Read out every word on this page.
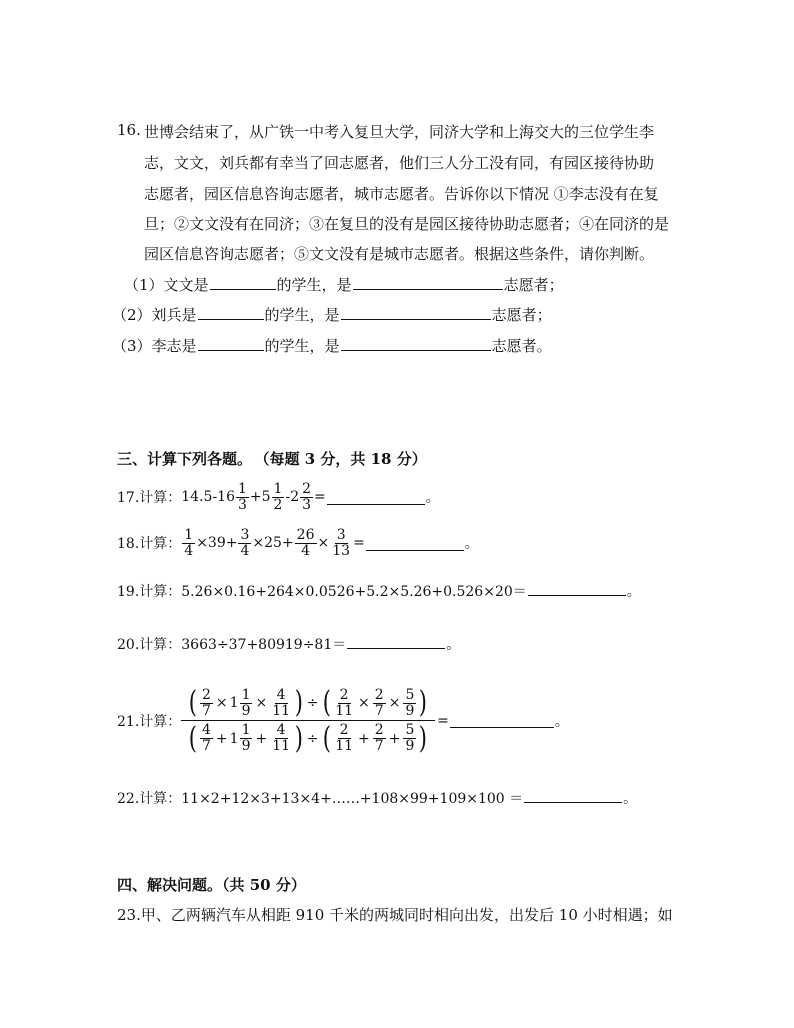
16. 世博会结束了，从广铁一中考入复旦大学，同济大学和上海交大的三位学生李
志，文文，刘兵都有幸当了回志愿者，他们三人分工没有同，有园区接待协助
志愿者，园区信息咨询志愿者，城市志愿者。告诉你以下情况 ①李志没有在复
旦；②文文没有在同济；③在复旦的没有是园区接待协助志愿者；④在同济的是
园区信息咨询志愿者；⑤文文没有是城市志愿者。根据这些条件，请你判断。
（1）文文是	的学生，是	志愿者；
（2）刘兵是	的学生，是	志愿者；
（3）李志是	的学生，是	志愿者。
三、计算下列各题。 （每题 3 分，共 18 分）
17.计算： $14.5-16 \frac{1}{3} +5 \frac{1}{2} -2 \frac{2}{3}$ =	。
18.计算： $\frac{1}{4} \times 39+ \frac{3}{4} \times 25+ \frac{26}{4} \times \frac{3}{13}$ =	。
19.计算：5.26×0.16+264×0.0526+5.2×5.26+0.526×20＝	。
20.计算：3663÷37+80919÷81＝	。
21.计算：
( $\frac{2}{7} \times 1 \frac{1}{9} \times \frac{4}{11}$ ) ÷ ( $\frac{2}{11} \times \frac{2}{7} \times \frac{5}{9}$ )
( $\frac{4}{7} + 1 \frac{1}{9} + \frac{4}{11}$ ) ÷ ( $\frac{2}{11} + \frac{2}{7} + \frac{5}{9}$ ) =	。
22.计算：11×2+12×3+13×4+……+108×99+109×100 ＝	。
四、解决问题。（共 50 分）
23.甲、乙两辆汽车从相距 910 千米的两城同时相向出发，出发后 10 小时相遇；如
